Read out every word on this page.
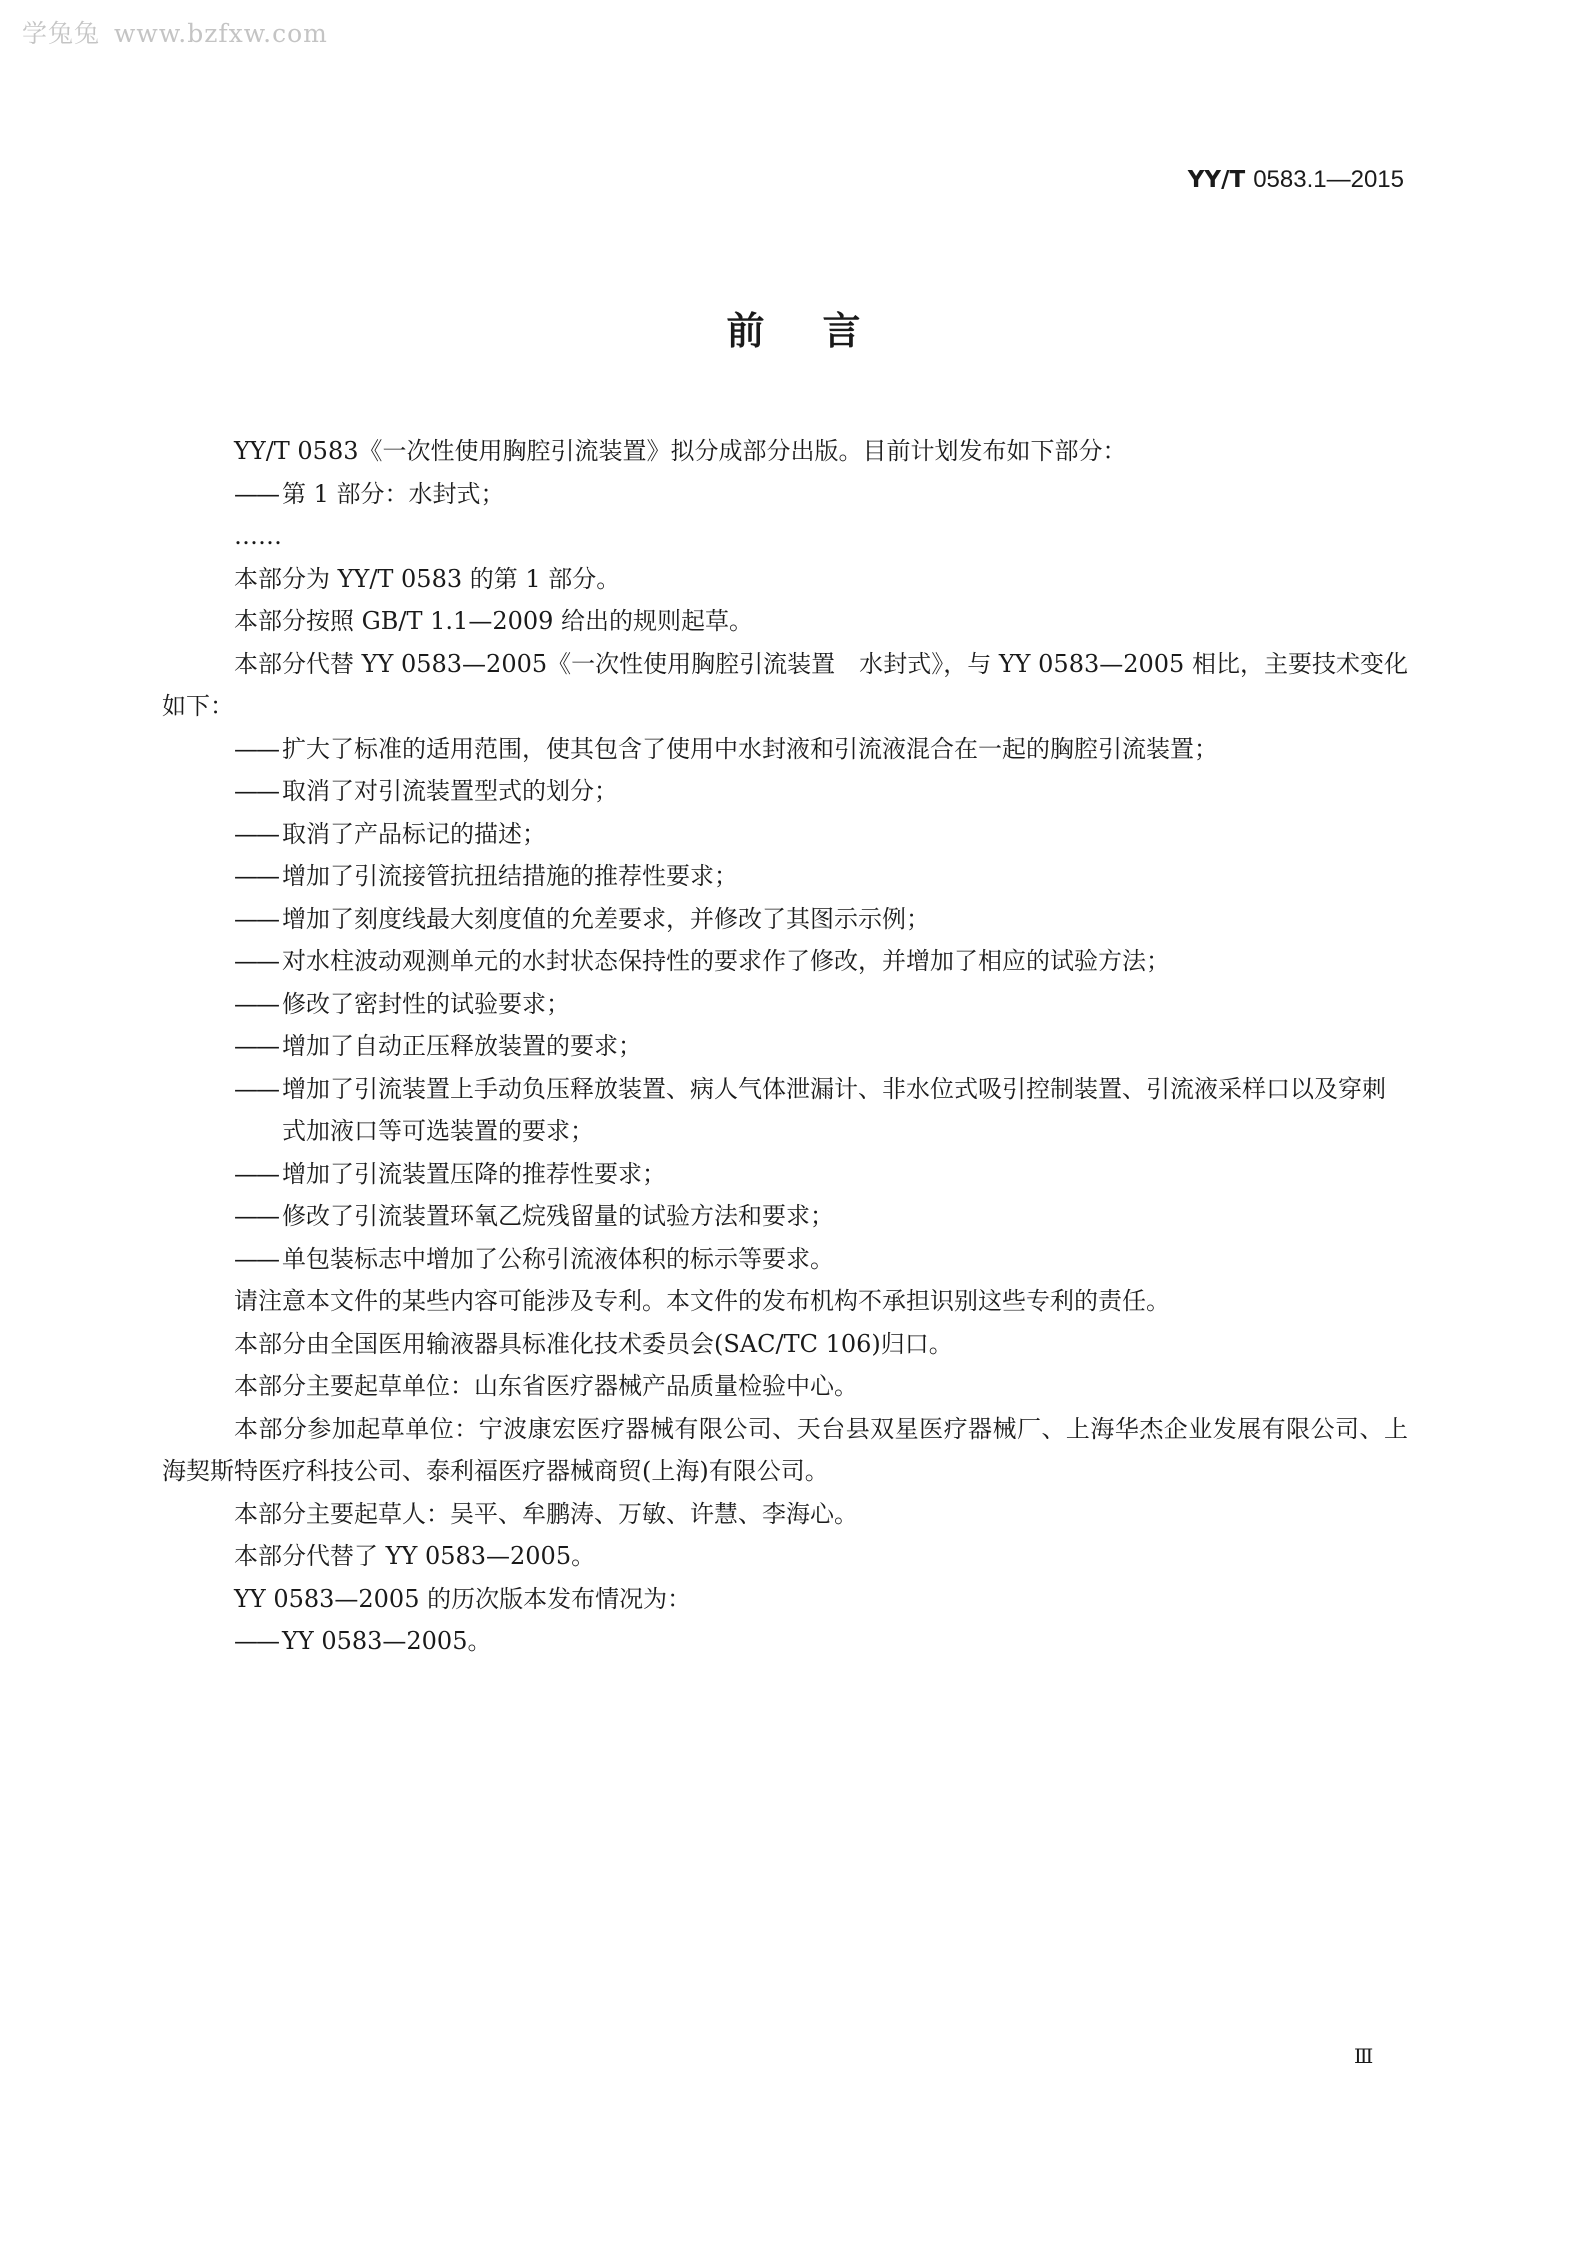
学兔兔 www.bzfxw.com
YY/T 0583.1—2015
前言

YY/T 0583《一次性使用胸腔引流装置》拟分成部分出版。目前计划发布如下部分：

—— 第 1 部分：水封式；

……

本部分为 YY/T 0583 的第 1 部分。

本部分按照 GB/T 1.1—2009 给出的规则起草。

本部分代替 YY 0583—2005《一次性使用胸腔引流装置　水封式》，与 YY 0583—2005 相比，主要技术变化如下：

—— 扩大了标准的适用范围，使其包含了使用中水封液和引流液混合在一起的胸腔引流装置；
—— 取消了对引流装置型式的划分；
—— 取消了产品标记的描述；
—— 增加了引流接管抗扭结措施的推荐性要求；
—— 增加了刻度线最大刻度值的允差要求，并修改了其图示示例；
—— 对水柱波动观测单元的水封状态保持性的要求作了修改，并增加了相应的试验方法；
—— 修改了密封性的试验要求；
—— 增加了自动正压释放装置的要求；
—— 增加了引流装置上手动负压释放装置、病人气体泄漏计、非水位式吸引控制装置、引流液采样口以及穿刺式加液口等可选装置的要求；
—— 增加了引流装置压降的推荐性要求；
—— 修改了引流装置环氧乙烷残留量的试验方法和要求；
—— 单包装标志中增加了公称引流液体积的标示等要求。

请注意本文件的某些内容可能涉及专利。本文件的发布机构不承担识别这些专利的责任。

本部分由全国医用输液器具标准化技术委员会(SAC/TC 106)归口。

本部分主要起草单位：山东省医疗器械产品质量检验中心。

本部分参加起草单位：宁波康宏医疗器械有限公司、天台县双星医疗器械厂、上海华杰企业发展有限公司、上海契斯特医疗科技公司、泰利福医疗器械商贸(上海)有限公司。

本部分主要起草人：吴平、牟鹏涛、万敏、许慧、李海心。

本部分代替了 YY 0583—2005。

YY 0583—2005 的历次版本发布情况为：

—— YY 0583—2005。
Ⅲ
